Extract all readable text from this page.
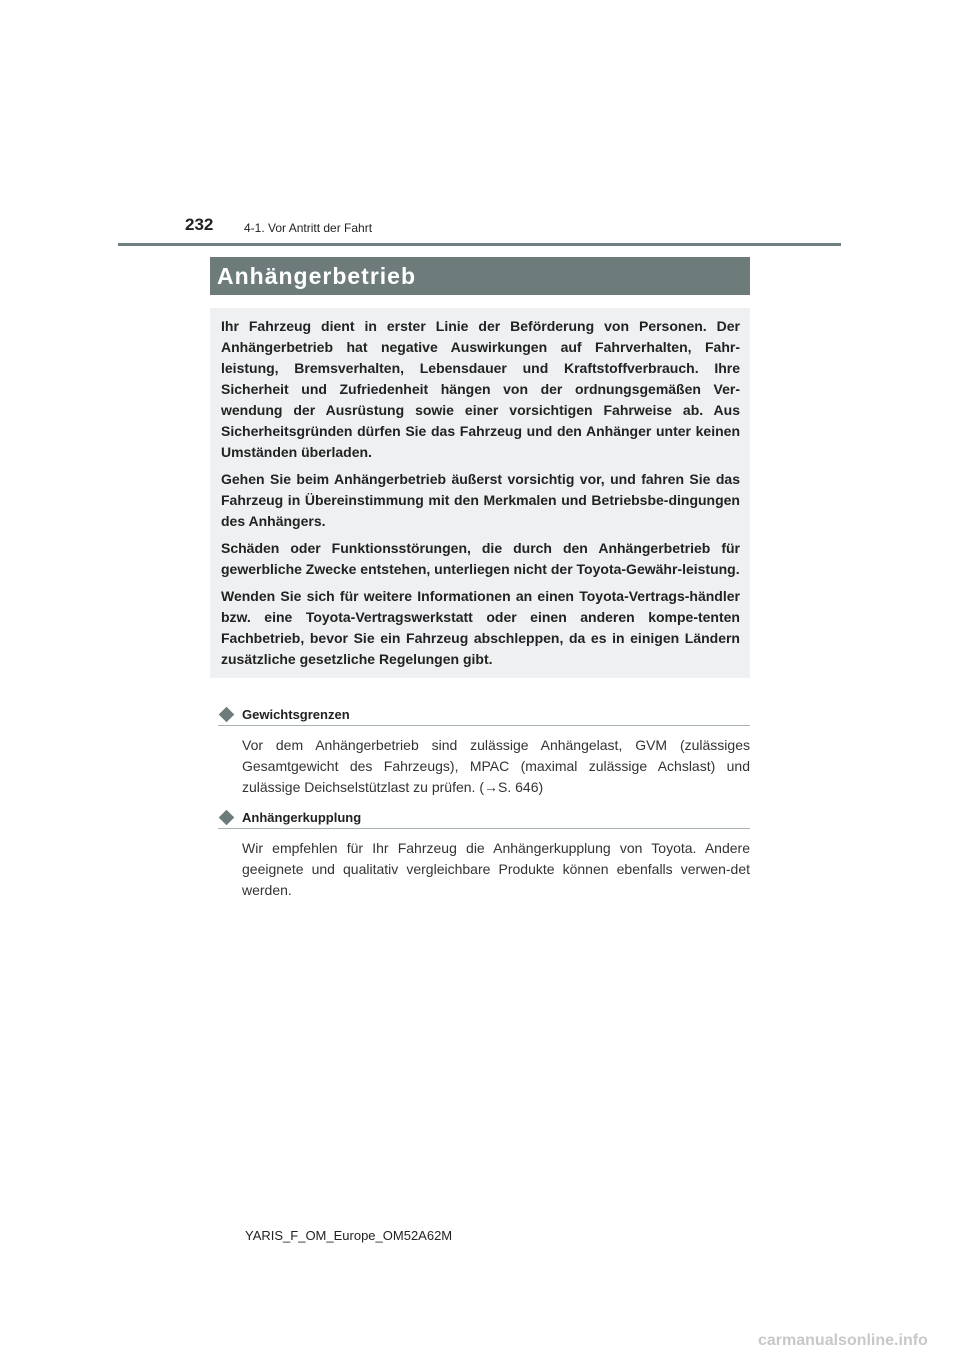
232	4-1. Vor Antritt der Fahrt
Anhängerbetrieb

Ihr Fahrzeug dient in erster Linie der Beförderung von Personen. Der Anhängerbetrieb hat negative Auswirkungen auf Fahrverhalten, Fahr-leistung, Bremsverhalten, Lebensdauer und Kraftstoffverbrauch. Ihre Sicherheit und Zufriedenheit hängen von der ordnungsgemäßen Ver-wendung der Ausrüstung sowie einer vorsichtigen Fahrweise ab. Aus Sicherheitsgründen dürfen Sie das Fahrzeug und den Anhänger unter keinen Umständen überladen.

Gehen Sie beim Anhängerbetrieb äußerst vorsichtig vor, und fahren Sie das Fahrzeug in Übereinstimmung mit den Merkmalen und Betriebsbe-dingungen des Anhängers.

Schäden oder Funktionsstörungen, die durch den Anhängerbetrieb für gewerbliche Zwecke entstehen, unterliegen nicht der Toyota-Gewähr-leistung.

Wenden Sie sich für weitere Informationen an einen Toyota-Vertrags-händler bzw. eine Toyota-Vertragswerkstatt oder einen anderen kompe-tenten Fachbetrieb, bevor Sie ein Fahrzeug abschleppen, da es in einigen Ländern zusätzliche gesetzliche Regelungen gibt.

Gewichtsgrenzen
Vor dem Anhängerbetrieb sind zulässige Anhängelast, GVM (zulässiges Gesamtgewicht des Fahrzeugs), MPAC (maximal zulässige Achslast) und zulässige Deichselstützlast zu prüfen. (→S. 646)
Anhängerkupplung
Wir empfehlen für Ihr Fahrzeug die Anhängerkupplung von Toyota. Andere geeignete und qualitativ vergleichbare Produkte können ebenfalls verwen-det werden.
YARIS_F_OM_Europe_OM52A62M
carmanualsonline.info
